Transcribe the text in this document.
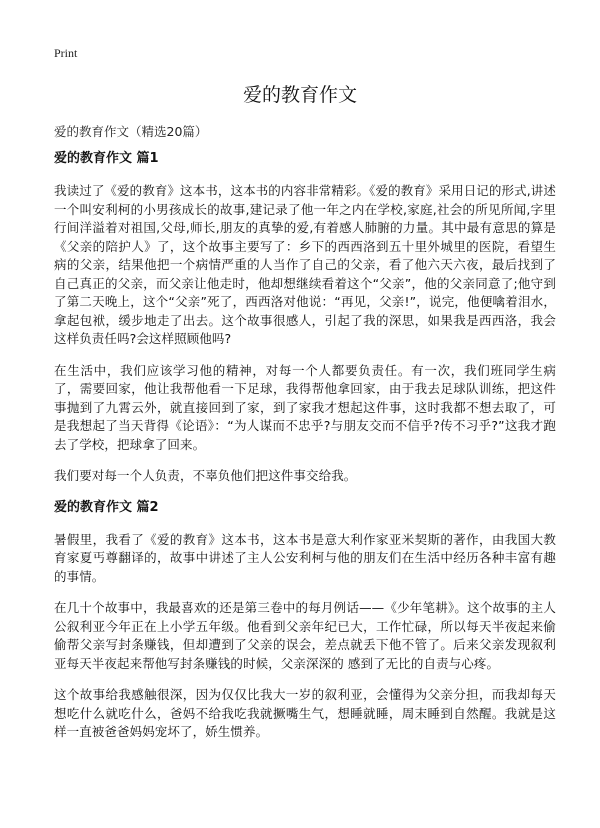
Print
爱的教育作文
爱的教育作文（精选20篇）
爱的教育作文 篇1

我读过了《爱的教育》这本书，这本书的内容非常精彩。《爱的教育》采用日记的形式,讲述一个叫安利柯的小男孩成长的故事,建记录了他一年之内在学校,家庭,社会的所见所闻,字里行间洋溢着对祖国,父母,师长,朋友的真挚的爱,有着感人肺腑的力量。其中最有意思的算是《父亲的陪护人》了，这个故事主要写了：乡下的西西洛到五十里外城里的医院，看望生病的父亲，结果他把一个病情严重的人当作了自己的父亲，看了他六天六夜，最后找到了自己真正的父亲，而父亲让他走时，他却想继续看着这个“父亲”，他的父亲同意了;他守到了第二天晚上，这个“父亲”死了，西西洛对他说：“再见，父亲!”，说完，他便噙着泪水，拿起包袱，缓步地走了出去。这个故事很感人，引起了我的深思，如果我是西西洛，我会这样负责任吗?会这样照顾他吗?

在生活中，我们应该学习他的精神，对每一个人都要负责任。有一次，我们班同学生病了，需要回家，他让我帮他看一下足球，我得帮他拿回家，由于我去足球队训练，把这件事抛到了九霄云外，就直接回到了家，到了家我才想起这件事，这时我都不想去取了，可是我想起了当天背得《论语》：“为人谋而不忠乎?与朋友交而不信乎?传不习乎?”这我才跑去了学校，把球拿了回来。

我们要对每一个人负责，不辜负他们把这件事交给我。

爱的教育作文 篇2

暑假里，我看了《爱的教育》这本书，这本书是意大利作家亚米契斯的著作，由我国大教育家夏丐尊翻译的，故事中讲述了主人公安利柯与他的朋友们在生活中经历各种丰富有趣的事情。

在几十个故事中，我最喜欢的还是第三卷中的每月例话——《少年笔耕》。这个故事的主人公叙利亚今年正在上小学五年级。他看到父亲年纪已大，工作忙碌，所以每天半夜起来偷偷帮父亲写封条赚钱，但却遭到了父亲的误会，差点就丢下他不管了。后来父亲发现叙利亚每天半夜起来帮他写封条赚钱的时候，父亲深深的 感到了无比的自责与心疼。

这个故事给我感触很深，因为仅仅比我大一岁的叙利亚，会懂得为父亲分担，而我却每天想吃什么就吃什么，爸妈不给我吃我就撅嘴生气，想睡就睡，周末睡到自然醒。我就是这样一直被爸爸妈妈宠坏了，娇生惯养。
